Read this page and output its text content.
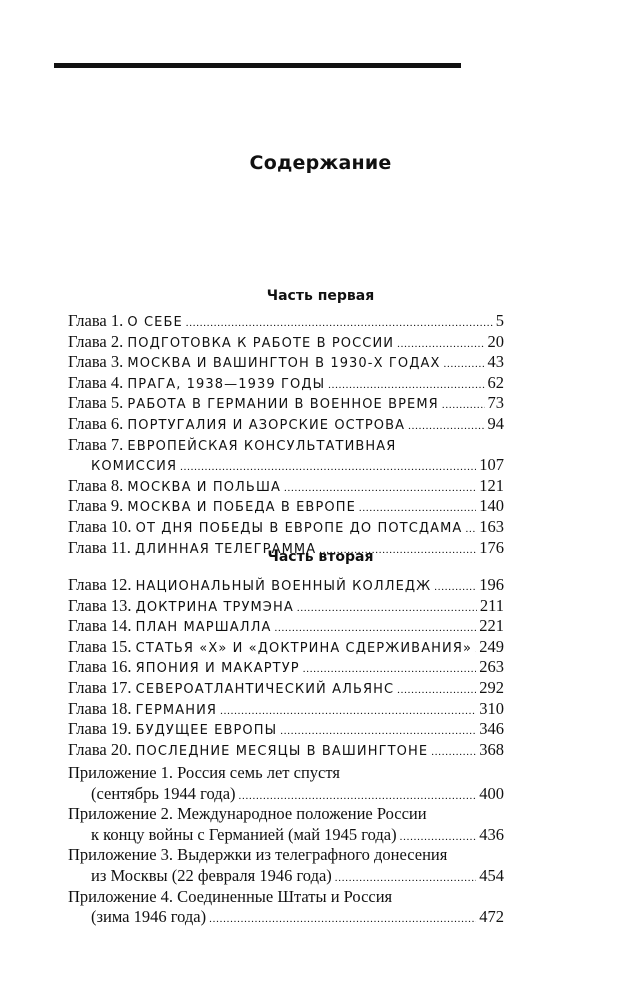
Содержание
Часть первая
Глава 1. О СЕБЕ . . .	5
Глава 2. ПОДГОТОВКА К РАБОТЕ В РОССИИ . . .	20
Глава 3. МОСКВА И ВАШИНГТОН В 1930-Х ГОДАХ . . .	43
Глава 4. ПРАГА, 1938—1939 ГОДЫ . . .	62
Глава 5. РАБОТА В ГЕРМАНИИ В ВОЕННОЕ ВРЕМЯ . . .	73
Глава 6. ПОРТУГАЛИЯ И АЗОРСКИЕ ОСТРОВА . . .	94
Глава 7. ЕВРОПЕЙСКАЯ КОНСУЛЬТАТИВНАЯ
КОМИССИЯ . . .	107
Глава 8. МОСКВА И ПОЛЬША . . .	121
Глава 9. МОСКВА И ПОБЕДА В ЕВРОПЕ . . .	140
Глава 10. ОТ ДНЯ ПОБЕДЫ В ЕВРОПЕ ДО ПОТСДАМА . . . 163
Глава 11. ДЛИННАЯ ТЕЛЕГРАММА . . .	176
Часть вторая
Глава 12. НАЦИОНАЛЬНЫЙ ВОЕННЫЙ КОЛЛЕДЖ . . .	196
Глава 13. ДОКТРИНА ТРУМЭНА . . .	211
Глава 14. ПЛАН МАРШАЛЛА . . .	221
Глава 15. СТАТЬЯ «Х» И «ДОКТРИНА СДЕРЖИВАНИЯ» . . . 249
Глава 16. ЯПОНИЯ И МАКАРТУР . . .	263
Глава 17. СЕВЕРОАТЛАНТИЧЕСКИЙ АЛЬЯНС . . .	292
Глава 18. ГЕРМАНИЯ . . .	310
Глава 19. БУДУЩЕЕ ЕВРОПЫ . . .	346
Глава 20. ПОСЛЕДНИЕ МЕСЯЦЫ В ВАШИНГТОНЕ . . .	368
Приложение 1. Россия семь лет спустя
(сентябрь 1944 года) . . .	400
Приложение 2. Международное положение России
к концу войны с Германией (май 1945 года) . . .	436
Приложение 3. Выдержки из телеграфного донесения
из Москвы (22 февраля 1946 года) . . .	454
Приложение 4. Соединенные Штаты и Россия
(зима 1946 года) . . .	472
